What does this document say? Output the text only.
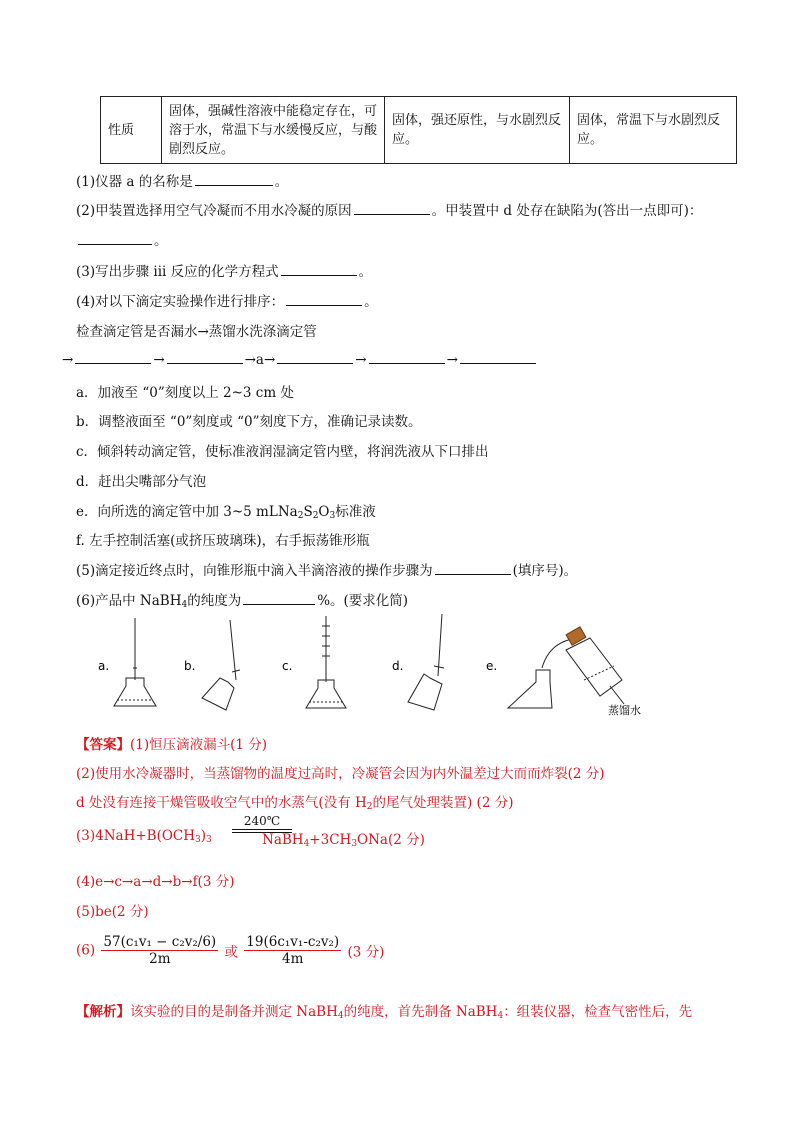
性质	固体，强碱性溶液中能稳定存在，可溶于水，常温下与水缓慢反应，与酸剧烈反应。	固体，强还原性，与水剧烈反应。	固体，常温下与水剧烈反应。
(1)仪器 a 的名称是	。
(2)甲装置选择用空气冷凝而不用水冷凝的原因	。甲装置中 d 处存在缺陷为(答出一点即可)：
。
(3)写出步骤 iii 反应的化学方程式	。
(4)对以下滴定实验操作进行排序：	。
检查滴定管是否漏水→蒸馏水洗涤滴定管
→	→	→a→	→	→
a．加液至 “0”刻度以上 2~3 cm 处
b．调整液面至 “0”刻度或 “0”刻度下方，准确记录读数。
c．倾斜转动滴定管，使标准液润湿滴定管内壁，将润洗液从下口排出
d．赶出尖嘴部分气泡
e．向所选的滴定管中加 3~5 $mLNa_2S_2O_3$标准液
f. 左手控制活塞(或挤压玻璃珠)，右手振荡锥形瓶
(5)滴定接近终点时，向锥形瓶中滴入半滴溶液的操作步骤为	(填序号)。
(6)产品中 NaBH$_4$的纯度为	%。(要求化简)
a.	b.	c.	d.	e.
蒸馏水
【答案】(1)恒压滴液漏斗(1 分)
(2)使用水冷凝器时，当蒸馏物的温度过高时，冷凝管会因为内外温差过大而而炸裂(2 分)
d 处没有连接干燥管吸收空气中的水蒸气(没有 $H_2$的尾气处理装置) (2 分)
$(3)4NaH+B(OCH_3)_3$
240℃
$NaBH_4+3CH_3ONa(2$ 分)
(4)e→c→a→d→b→f(3 分)
(5)be(2 分)
$(6) \frac{\text{57(c₁v₁ − c₂v₂/6)}}{2m}$ 或 $\frac{\text{19(6c₁v₁-c₂v₂)}}{4m} (3$ 分)
【解析】该实验的目的是制备并测定 NaBH$_4$的纯度，首先制备 NaBH$_4$：组装仪器，检查气密性后，先
